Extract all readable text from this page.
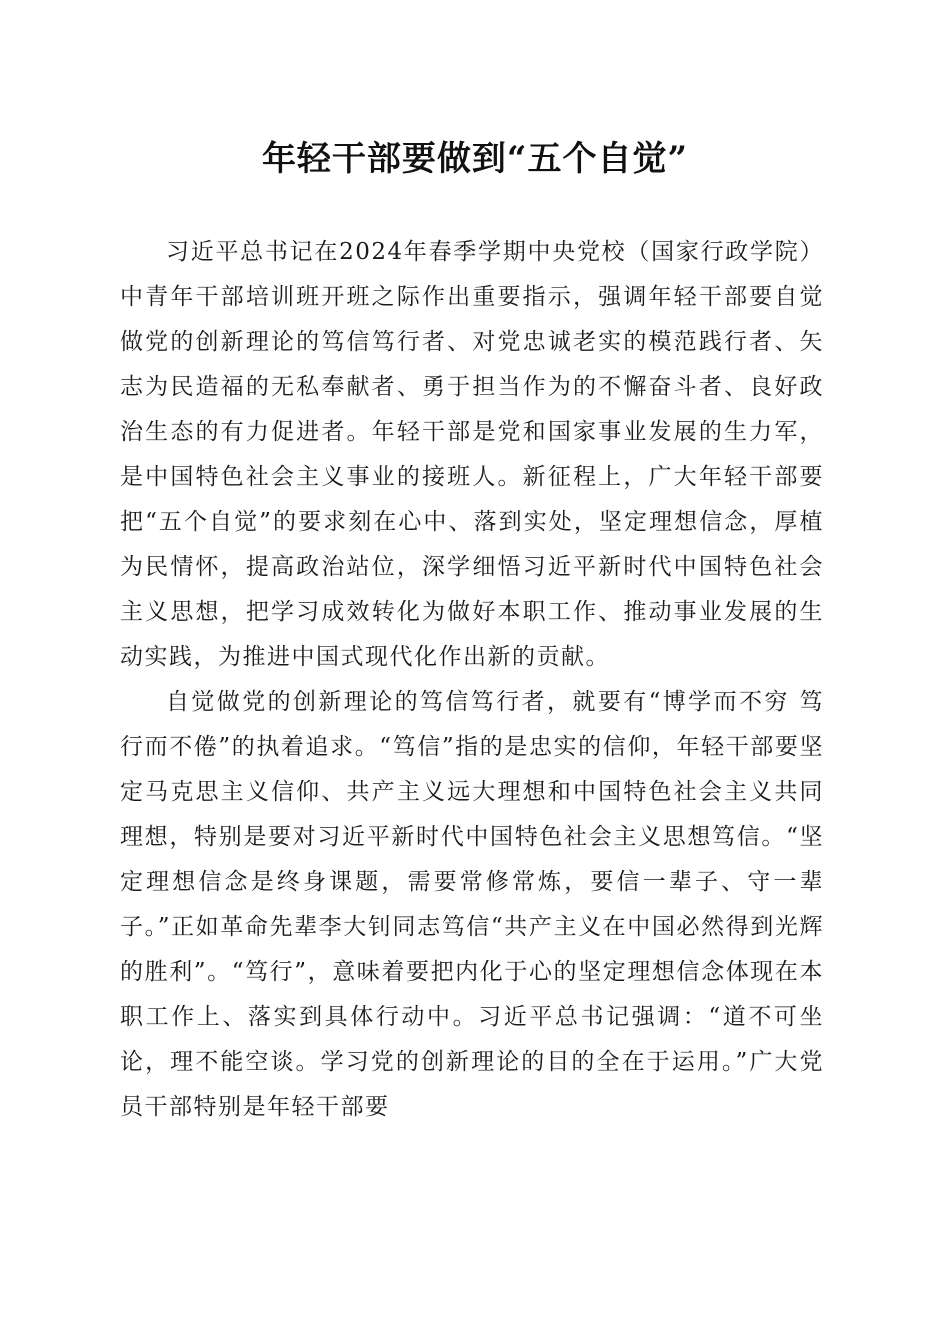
年轻干部要做到“五个自觉”

习近平总书记在2024年春季学期中央党校（国家行政学院）中青年干部培训班开班之际作出重要指示，强调年轻干部要自觉做党的创新理论的笃信笃行者、对党忠诚老实的模范践行者、矢志为民造福的无私奉献者、勇于担当作为的不懈奋斗者、良好政治生态的有力促进者。年轻干部是党和国家事业发展的生力军，是中国特色社会主义事业的接班人。新征程上，广大年轻干部要把“五个自觉”的要求刻在心中、落到实处，坚定理想信念，厚植为民情怀，提高政治站位，深学细悟习近平新时代中国特色社会主义思想，把学习成效转化为做好本职工作、推动事业发展的生动实践，为推进中国式现代化作出新的贡献。

自觉做党的创新理论的笃信笃行者，就要有“博学而不穷 笃行而不倦”的执着追求。“笃信”指的是忠实的信仰，年轻干部要坚定马克思主义信仰、共产主义远大理想和中国特色社会主义共同理想，特别是要对习近平新时代中国特色社会主义思想笃信。“坚定理想信念是终身课题，需要常修常炼，要信一辈子、守一辈子。”正如革命先辈李大钊同志笃信“共产主义在中国必然得到光辉的胜利”。“笃行”，意味着要把内化于心的坚定理想信念体现在本职工作上、落实到具体行动中。习近平总书记强调：“道不可坐论，理不能空谈。学习党的创新理论的目的全在于运用。”广大党员干部特别是年轻干部要
